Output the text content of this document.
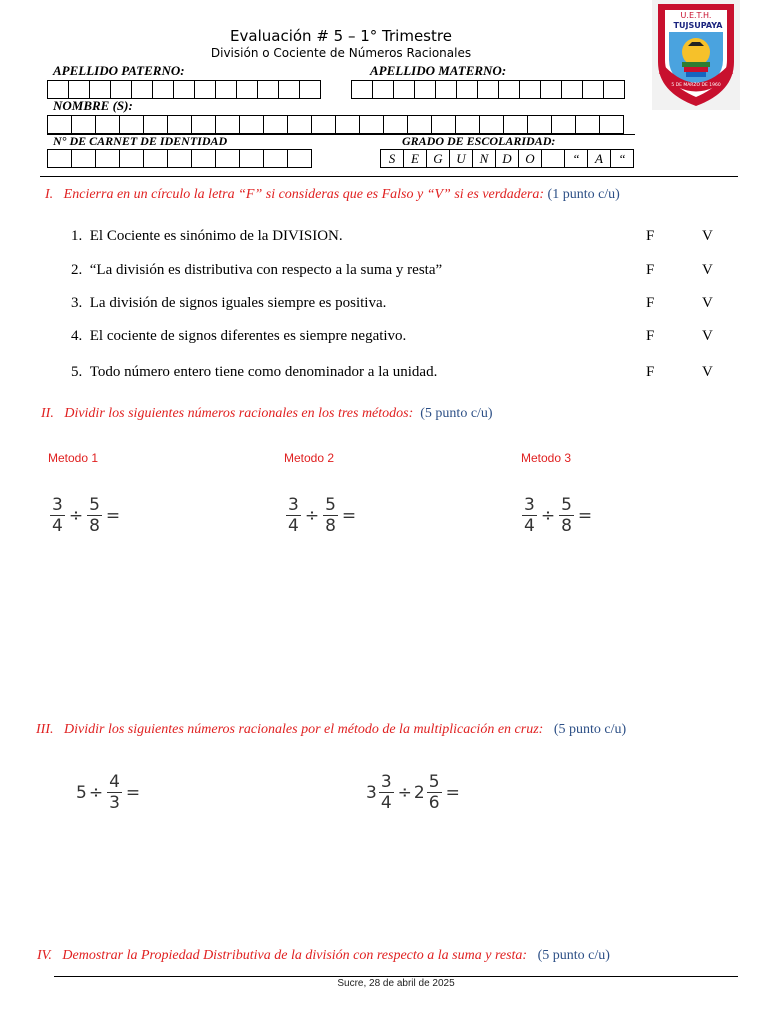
Evaluación # 5 – 1° Trimestre
División o Cociente de Números Racionales
U.E.T.H.
TUJSUPAYA
5 DE MARZO DE 1960
APELLIDO PATERNO:	APELLIDO MATERNO:
NOMBRE (S):
N° DE CARNET DE IDENTIDAD	GRADO DE ESCOLARIDAD:
S	E	G	U	N	D	O	“	A	“
I. Encierra en un círculo la letra “F” si consideras que es Falso y “V” si es verdadera: (1 punto c/u)
1. El Cociente es sinónimo de la DIVISION.	F	V
2. “La división es distributiva con respecto a la suma y resta”	F	V
3. La división de signos iguales siempre es positiva.	F	V
4. El cociente de signos diferentes es siempre negativo.	F	V
5. Todo número entero tiene como denominador a la unidad.	F	V
II. Dividir los siguientes números racionales en los tres métodos: (5 punto c/u)
Metodo 1	Metodo 2	Metodo 3
$\frac{3}{4} \div \frac{5}{8}$ =	$\frac{3}{4} \div \frac{5}{8}$ =	$\frac{3}{4} \div \frac{5}{8}$ =
III. Dividir los siguientes números racionales por el método de la multiplicación en cruz: (5 punto c/u)
$5 \div \frac{4}{3}$ =	$3 \frac{3}{4} \div 2 \frac{5}{6}$ =
IV. Demostrar la Propiedad Distributiva de la división con respecto a la suma y resta: (5 punto c/u)
Sucre, 28 de abril de 2025
